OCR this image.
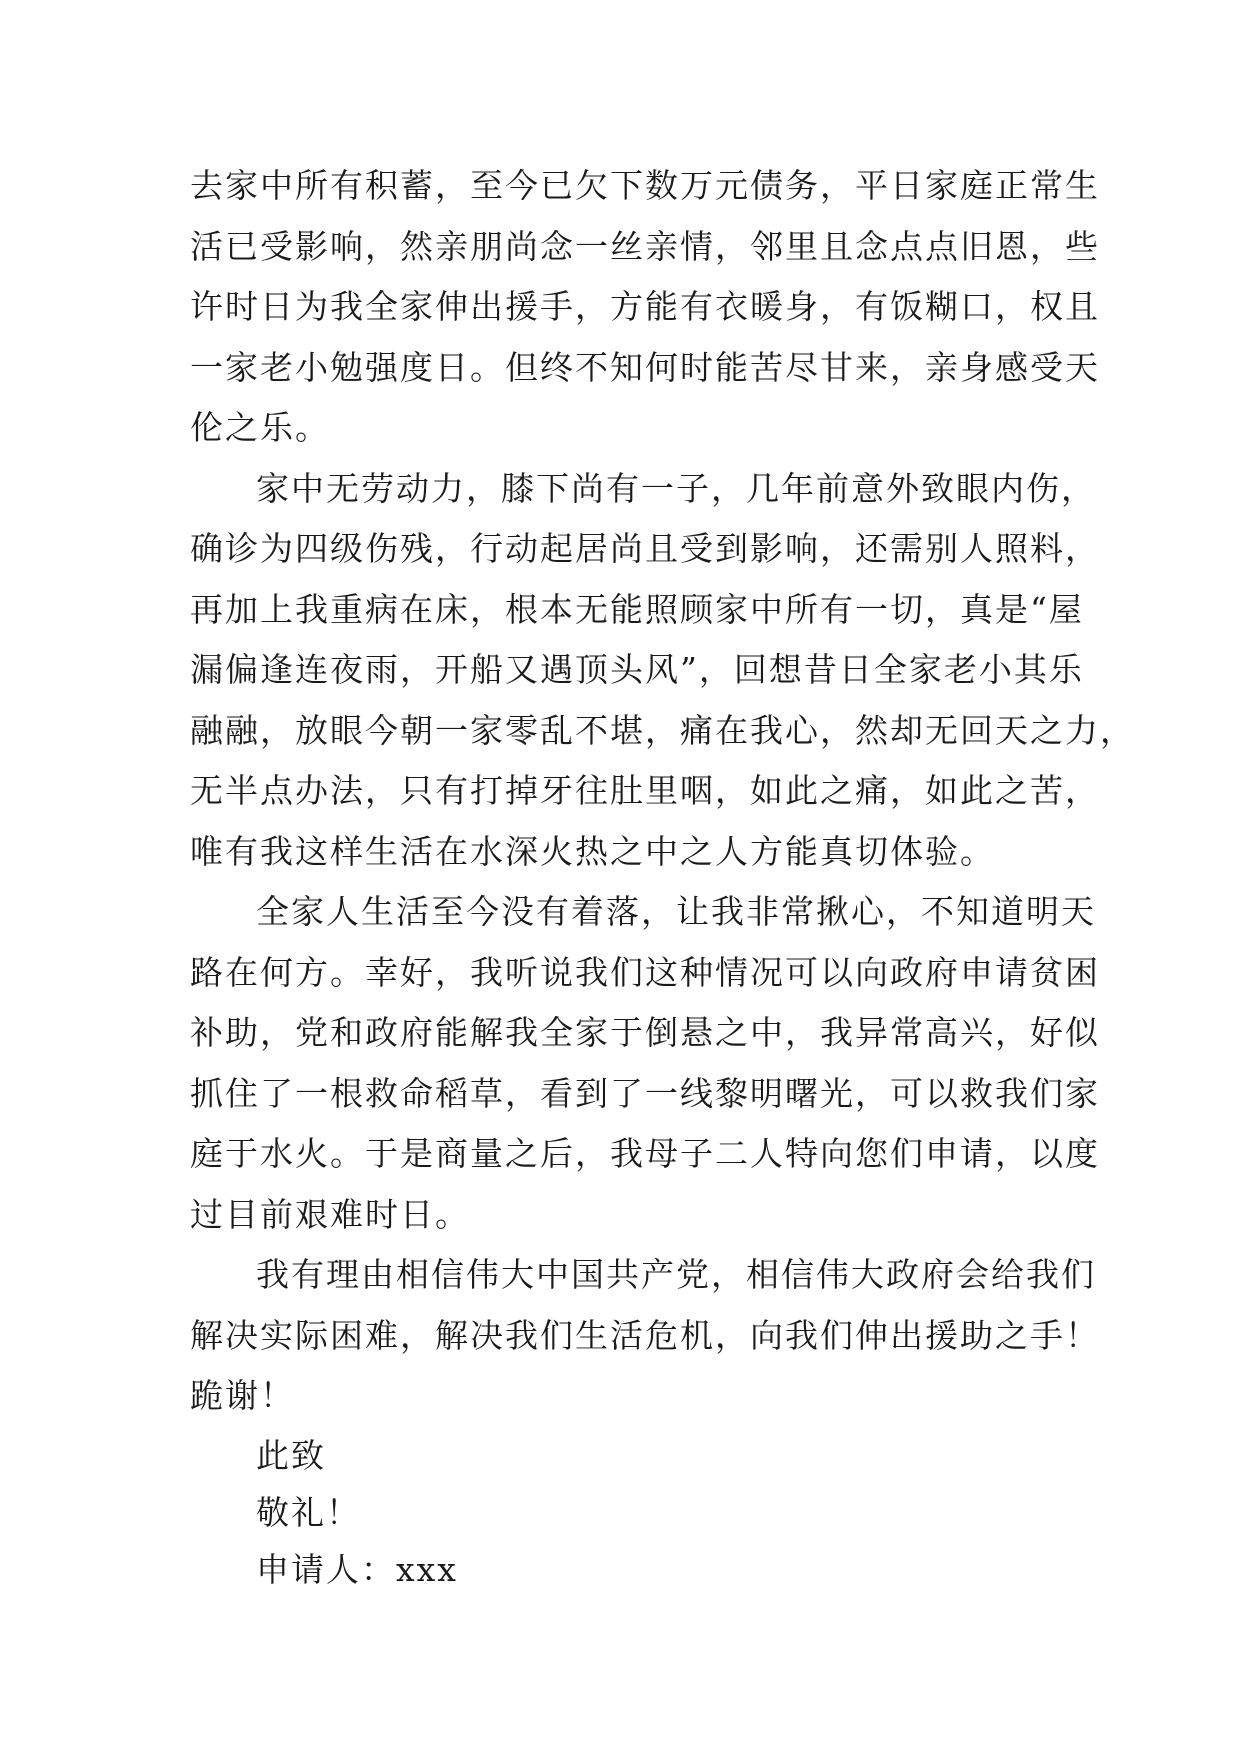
去家中所有积蓄，至今已欠下数万元债务，平日家庭正常生
活已受影响，然亲朋尚念一丝亲情，邻里且念点点旧恩，些
许时日为我全家伸出援手，方能有衣暖身，有饭糊口，权且
一家老小勉强度日。但终不知何时能苦尽甘来，亲身感受天
伦之乐。
家中无劳动力，膝下尚有一子，几年前意外致眼内伤，
确诊为四级伤残，行动起居尚且受到影响，还需别人照料，
再加上我重病在床，根本无能照顾家中所有一切，真是“屋
漏偏逢连夜雨，开船又遇顶头风”，回想昔日全家老小其乐
融融，放眼今朝一家零乱不堪，痛在我心，然却无回天之力，
无半点办法，只有打掉牙往肚里咽，如此之痛，如此之苦，
唯有我这样生活在水深火热之中之人方能真切体验。
全家人生活至今没有着落，让我非常揪心，不知道明天
路在何方。幸好，我听说我们这种情况可以向政府申请贫困
补助，党和政府能解我全家于倒悬之中，我异常高兴，好似
抓住了一根救命稻草，看到了一线黎明曙光，可以救我们家
庭于水火。于是商量之后，我母子二人特向您们申请，以度
过目前艰难时日。
我有理由相信伟大中国共产党，相信伟大政府会给我们
解决实际困难，解决我们生活危机，向我们伸出援助之手！
跪谢！
此致
敬礼！
申请人：xxx
